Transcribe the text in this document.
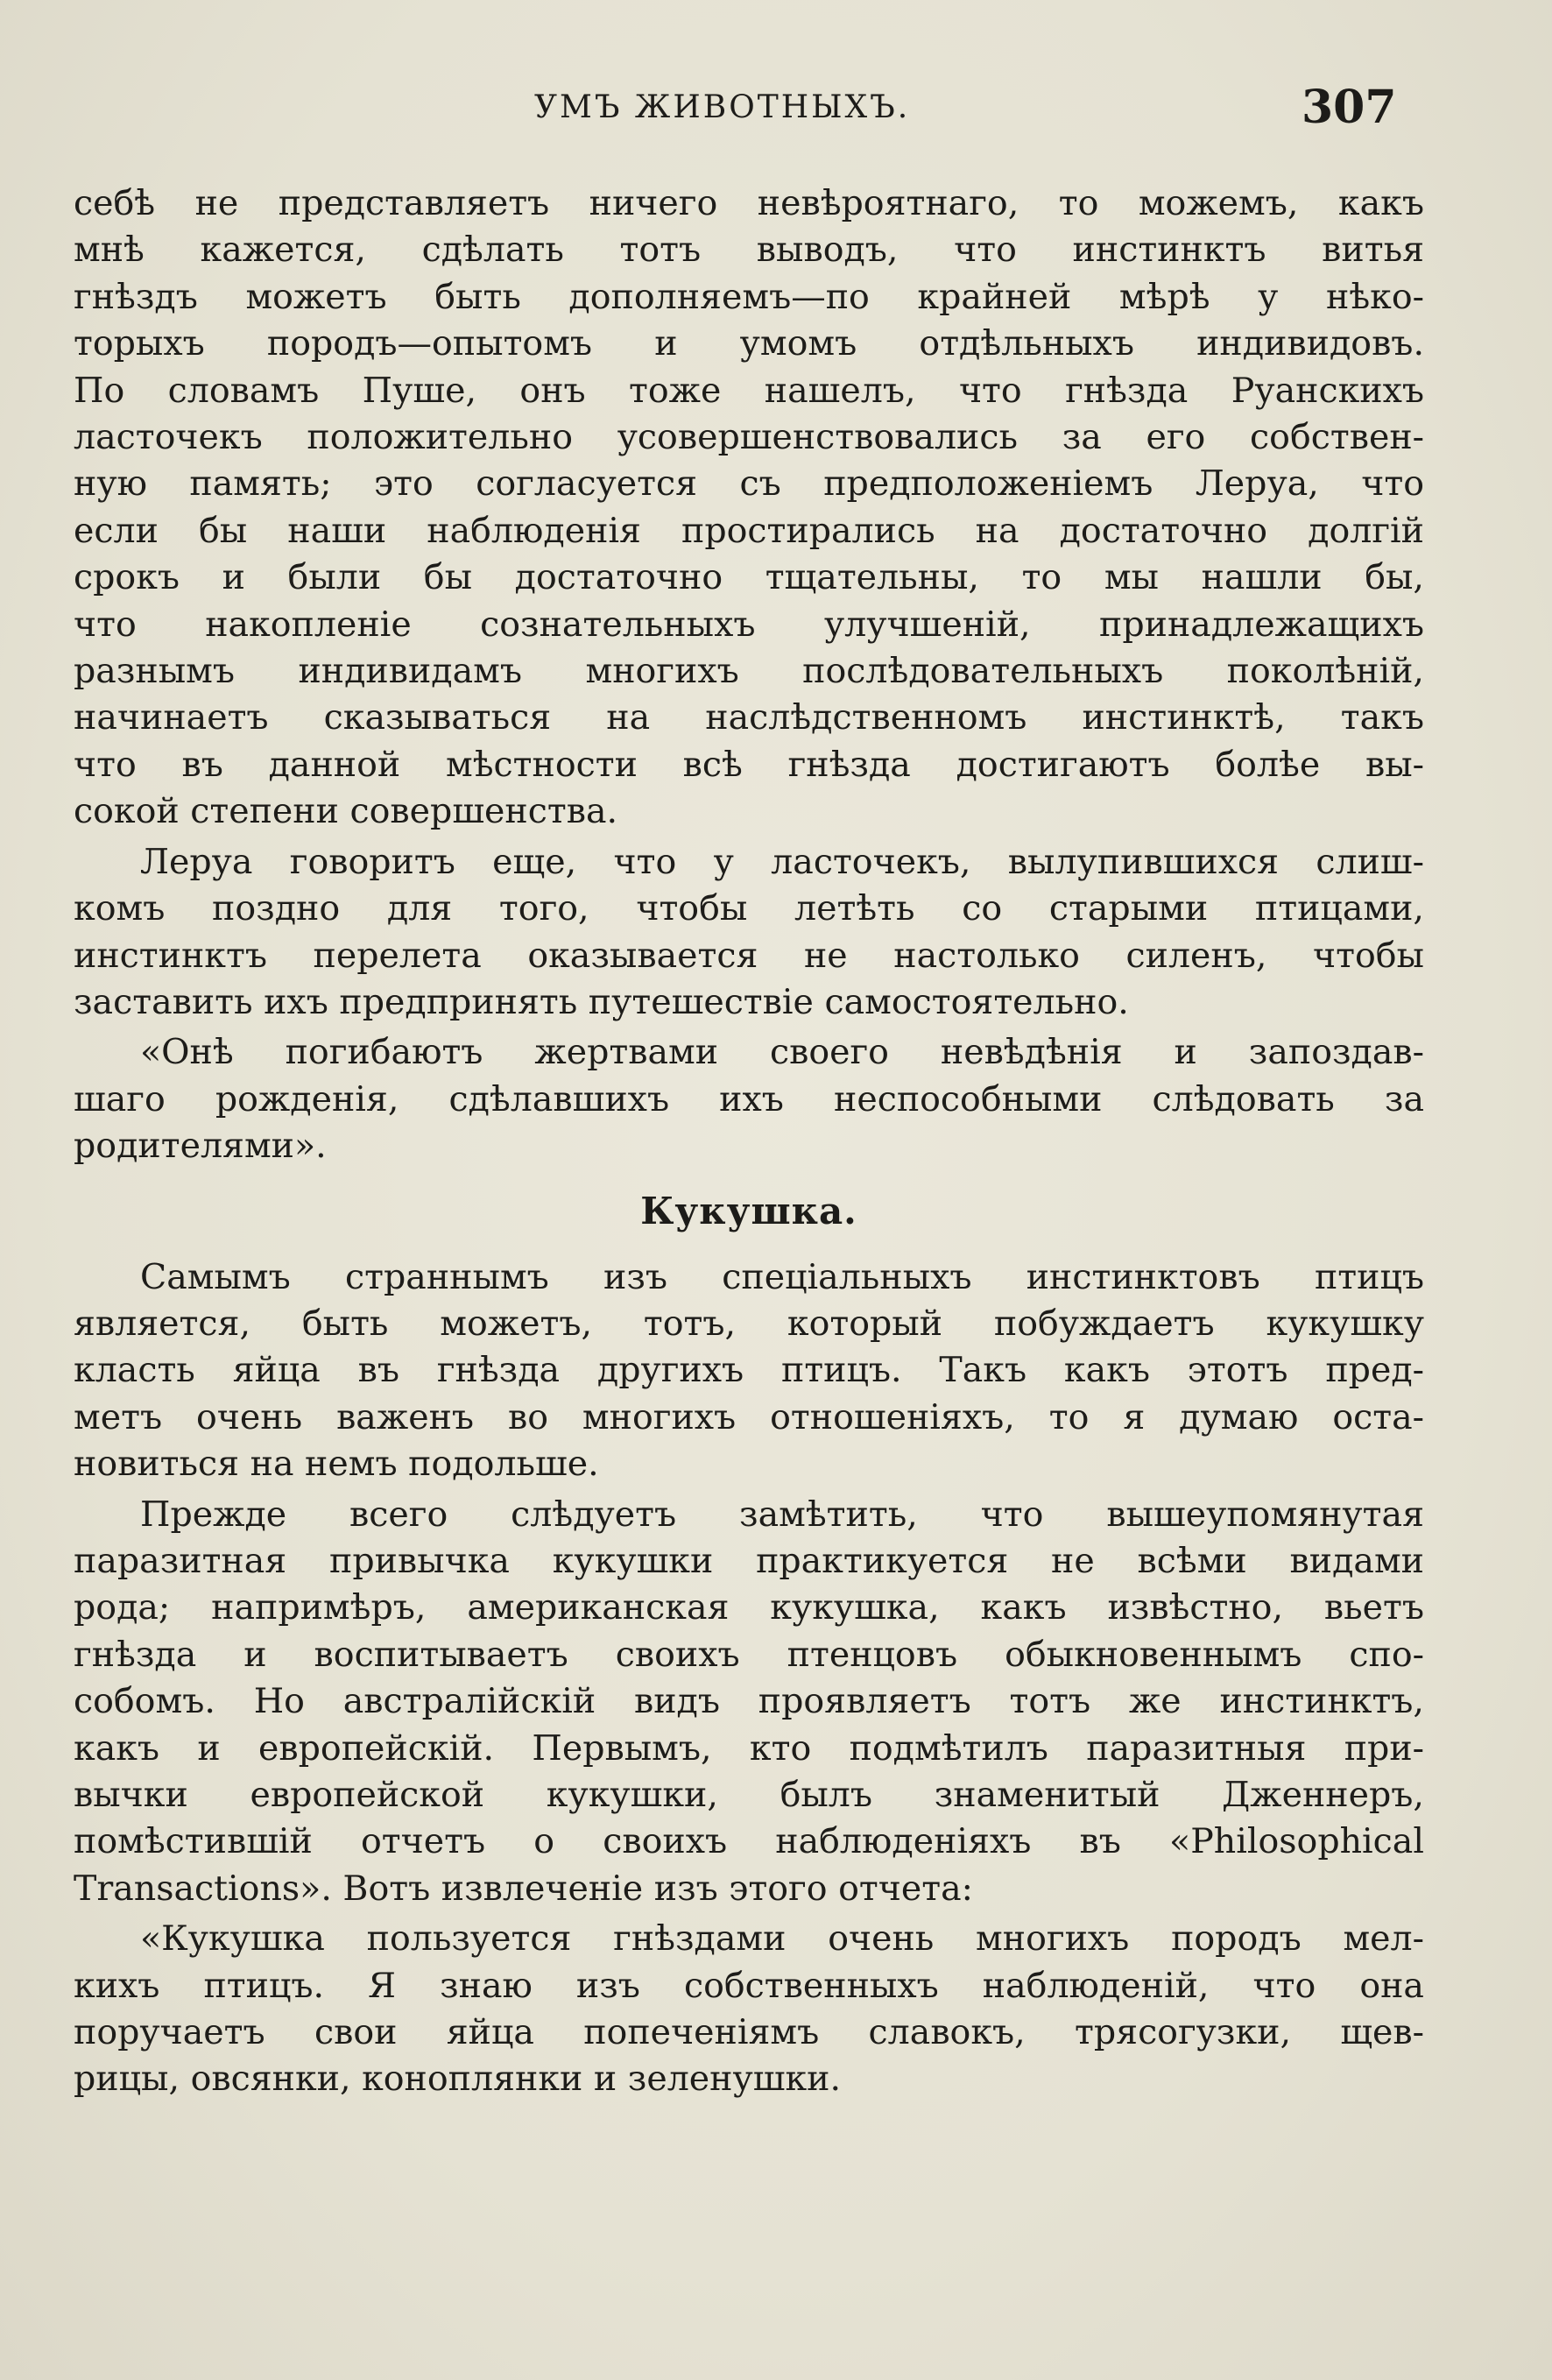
УМЪ ЖИВОТНЫХЪ.	307

себѣ не представляетъ ничего невѣроятнаго, то можемъ, какъ
мнѣ кажется, сдѣлать тотъ выводъ, что инстинктъ витья
гнѣздъ можетъ быть дополняемъ—по крайней мѣрѣ у нѣко-
торыхъ породъ—опытомъ и умомъ отдѣльныхъ индивидовъ.
По словамъ Пуше, онъ тоже нашелъ, что гнѣзда Руанскихъ
ласточекъ положительно усовершенствовались за его собствен-
ную память; это согласуется съ предположеніемъ Леруа, что
если бы наши наблюденія простирались на достаточно долгій
срокъ и были бы достаточно тщательны, то мы нашли бы,
что накопленіе сознательныхъ улучшеній, принадлежащихъ
разнымъ индивидамъ многихъ послѣдовательныхъ поколѣній,
начинаетъ сказываться на наслѣдственномъ инстинктѣ, такъ
что въ данной мѣстности всѣ гнѣзда достигаютъ болѣе вы-
сокой степени совершенства.

Леруа говоритъ еще, что у ласточекъ, вылупившихся слиш-
комъ поздно для того, чтобы летѣть со старыми птицами,
инстинктъ перелета оказывается не настолько силенъ, чтобы
заставить ихъ предпринять путешествіе самостоятельно.

«Онѣ погибаютъ жертвами своего невѣдѣнія и запоздав-
шаго рожденія, сдѣлавшихъ ихъ неспособными слѣдовать за
родителями».

Кукушка.

Самымъ страннымъ изъ спеціальныхъ инстинктовъ птицъ
является, быть можетъ, тотъ, который побуждаетъ кукушку
класть яйца въ гнѣзда другихъ птицъ. Такъ какъ этотъ пред-
метъ очень важенъ во многихъ отношеніяхъ, то я думаю оста-
новиться на немъ подольше.

Прежде всего слѣдуетъ замѣтить, что вышеупомянутая
паразитная привычка кукушки практикуется не всѣми видами
рода; напримѣръ, американская кукушка, какъ извѣстно, вьетъ
гнѣзда и воспитываетъ своихъ птенцовъ обыкновеннымъ спо-
собомъ. Но австралійскій видъ проявляетъ тотъ же инстинктъ,
какъ и европейскій. Первымъ, кто подмѣтилъ паразитныя при-
вычки европейской кукушки, былъ знаменитый Дженнеръ,
помѣстившій отчетъ о своихъ наблюденіяхъ въ «Philosophical
Transactions». Вотъ извлеченіе изъ этого отчета:

«Кукушка пользуется гнѣздами очень многихъ породъ мел-
кихъ птицъ. Я знаю изъ собственныхъ наблюденій, что она
поручаетъ свои яйца попеченіямъ славокъ, трясогузки, щев-
рицы, овсянки, коноплянки и зеленушки.
